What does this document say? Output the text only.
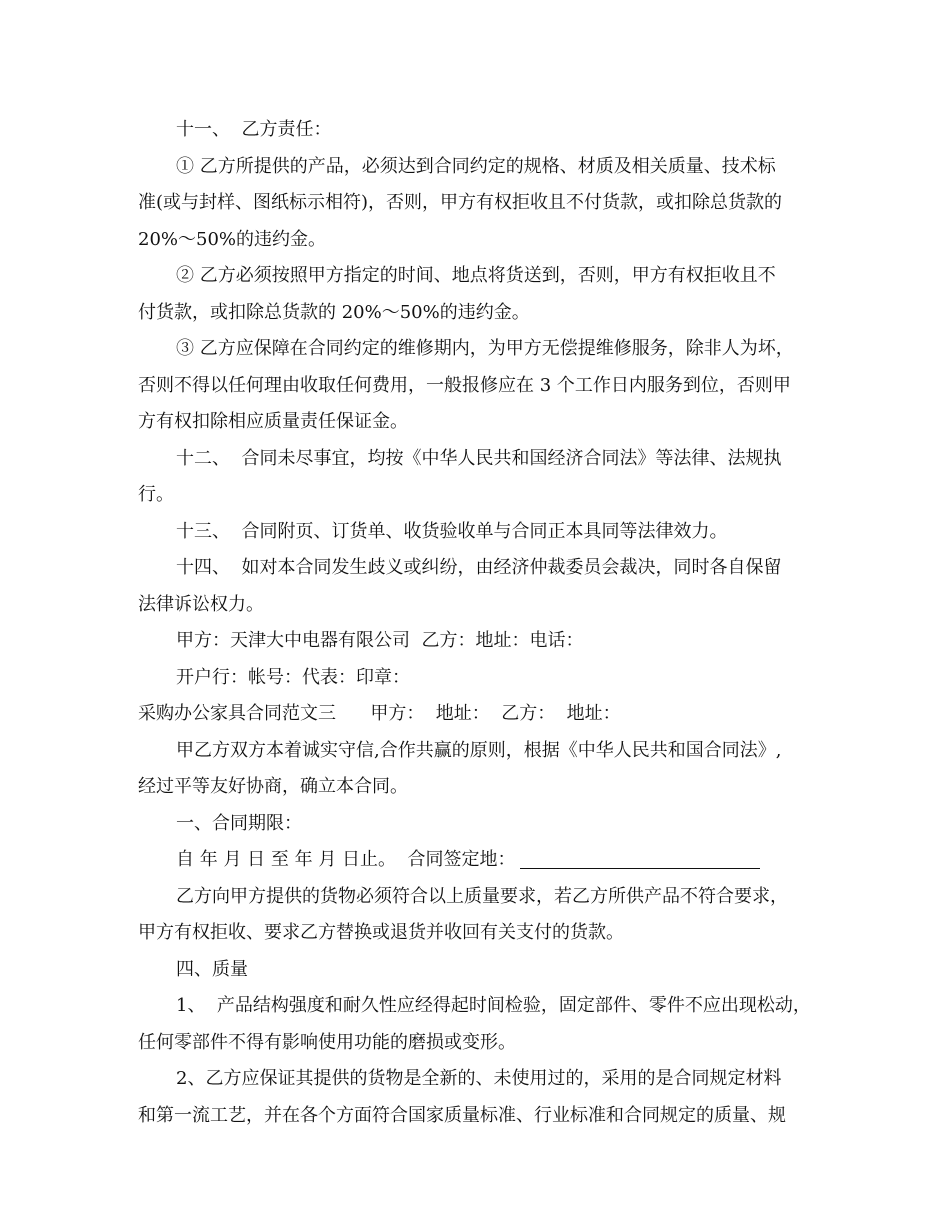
十一、  乙方责任：
① 乙方所提供的产品，必须达到合同约定的规格、材质及相关质量、技术标
准(或与封样、图纸标示相符)，否则，甲方有权拒收且不付货款，或扣除总货款的
20%～50%的违约金。
② 乙方必须按照甲方指定的时间、地点将货送到，否则，甲方有权拒收且不
付货款，或扣除总货款的 20%～50%的违约金。
③ 乙方应保障在合同约定的维修期内，为甲方无偿提维修服务，除非人为坏，
否则不得以任何理由收取任何费用，一般报修应在 3 个工作日内服务到位，否则甲
方有权扣除相应质量责任保证金。
十二、  合同未尽事宜，均按《中华人民共和国经济合同法》等法律、法规执
行。
十三、  合同附页、订货单、收货验收单与合同正本具同等法律效力。
十四、  如对本合同发生歧义或纠纷，由经济仲裁委员会裁决，同时各自保留
法律诉讼权力。
甲方：天津大中电器有限公司  乙方：地址：电话：
开户行：帐号：代表：印章：
采购办公家具合同范文三      甲方：  地址：  乙方：  地址：
甲乙方双方本着诚实守信,合作共赢的原则，根据《中华人民共和国合同法》,
经过平等友好协商，确立本合同。
一、合同期限：
自 年 月 日 至 年 月 日止。  合同签定地：
乙方向甲方提供的货物必须符合以上质量要求，若乙方所供产品不符合要求，
甲方有权拒收、要求乙方替换或退货并收回有关支付的货款。
四、质量
1、  产品结构强度和耐久性应经得起时间检验，固定部件、零件不应出现松动，
任何零部件不得有影响使用功能的磨损或变形。
2、乙方应保证其提供的货物是全新的、未使用过的，采用的是合同规定材料
和第一流工艺，并在各个方面符合国家质量标准、行业标准和合同规定的质量、规
